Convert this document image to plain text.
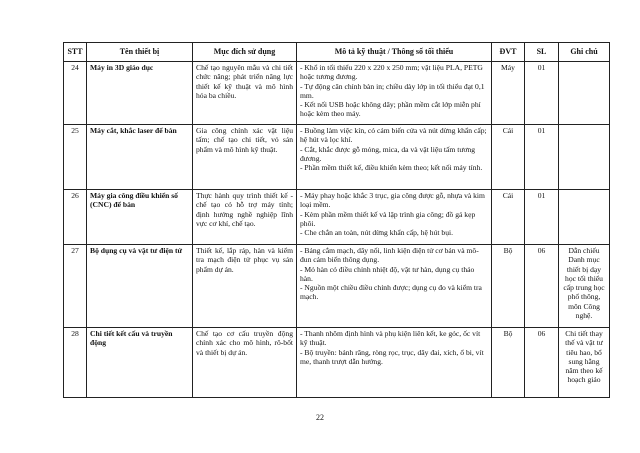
STT	Tên thiết bị	Mục đích sử dụng	Mô tả kỹ thuật / Thông số tối thiểu	ĐVT	SL	Ghi chú
24	Máy in 3D giáo dục	Chế tạo nguyên mẫu và chi tiết chức năng; phát triển năng lực thiết kế kỹ thuật và mô hình hóa ba chiều.	- Khổ in tối thiểu 220 x 220 x 250 mm; vật liệu PLA, PETG hoặc tương đương.
- Tự động cân chỉnh bàn in; chiều dày lớp in tối thiểu đạt 0,1 mm.
- Kết nối USB hoặc không dây; phần mềm cắt lớp miễn phí hoặc kèm theo máy.	Máy	01	
25	Máy cắt, khắc laser để bàn	Gia công chính xác vật liệu tấm; chế tạo chi tiết, vỏ sản phẩm và mô hình kỹ thuật.	- Buồng làm việc kín, có cảm biến cửa và nút dừng khẩn cấp; hệ hút và lọc khí.
- Cắt, khắc được gỗ mỏng, mica, da và vật liệu tấm tương đương.
- Phần mềm thiết kế, điều khiển kèm theo; kết nối máy tính.	Cái	01	
26	Máy gia công điều khiển số (CNC) để bàn	Thực hành quy trình thiết kế - chế tạo có hỗ trợ máy tính; định hướng nghề nghiệp lĩnh vực cơ khí, chế tạo.	- Máy phay hoặc khắc 3 trục, gia công được gỗ, nhựa và kim loại mềm.
- Kèm phần mềm thiết kế và lập trình gia công; đồ gá kẹp phôi.
- Che chắn an toàn, nút dừng khẩn cấp, hệ hút bụi.	Cái	01	
27	Bộ dụng cụ và vật tư điện tử	Thiết kế, lắp ráp, hàn và kiểm tra mạch điện tử phục vụ sản phẩm dự án.	- Bảng cắm mạch, dây nối, linh kiện điện tử cơ bản và mô-đun cảm biến thông dụng.
- Mỏ hàn có điều chỉnh nhiệt độ, vật tư hàn, dụng cụ tháo hàn.
- Nguồn một chiều điều chỉnh được; dụng cụ đo và kiểm tra mạch.	Bộ	06	Dẫn chiếu Danh mục thiết bị dạy học tối thiểu cấp trung học phổ thông, môn Công nghệ.
28	Chi tiết kết cấu và truyền động	Chế tạo cơ cấu truyền động chính xác cho mô hình, rô-bốt và thiết bị dự án.	- Thanh nhôm định hình và phụ kiện liên kết, ke góc, ốc vít kỹ thuật.
- Bộ truyền: bánh răng, ròng rọc, trục, dây đai, xích, ổ bi, vít me, thanh trượt dẫn hướng.	Bộ	06	Chi tiết thay thế và vật tư tiêu hao, bổ sung hằng năm theo kế hoạch giáo
22
